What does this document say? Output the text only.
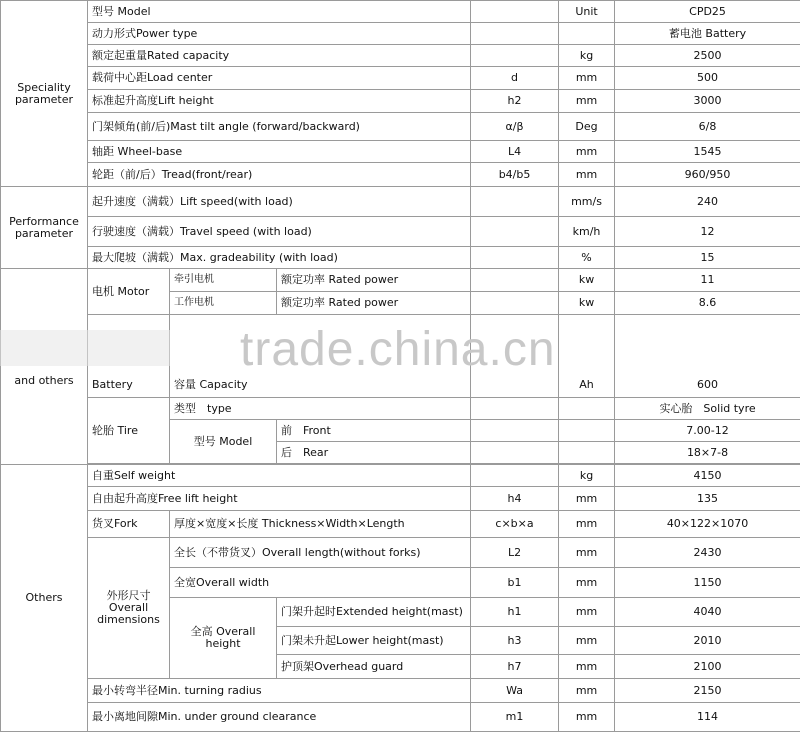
Speciality parameter	型号 Model				Unit	CPD25
	动力形式Power type					蓄电池 Battery
	额定起重量Rated capacity				kg	2500
	载荷中心距Load center			d	mm	500
	标准起升高度Lift height			h2	mm	3000
	门架倾角(前/后)Mast tilt angle (forward/backward)			α/β	Deg	6/8
	轴距 Wheel-base			L4	mm	1545
	轮距（前/后）Tread(front/rear)			b4/b5	mm	960/950
Performance parameter	起升速度（满载）Lift speed(with load)				mm/s	240
	行驶速度（满载）Travel speed (with load)				km/h	12
	最大爬坡（满载）Max. gradeability (with load)				%	15
and others	电机 Motor	牵引电机	额定功率 Rated power		kw	11
		工作电机	额定功率 Rated power		kw	8.6
	Battery	容量 Capacity			Ah	600
	轮胎 Tire	类型　type				实心胎　Solid tyre
		型号 Model	前　Front			7.00-12
			后　Rear			18×7-8

Others	自重Self weight				kg	4150
	自由起升高度Free lift height			h4	mm	135
	货叉Fork	厚度×宽度×长度 Thickness×Width×Length		c×b×a	mm	40×122×1070
	外形尺寸 Overall dimensions	全长（不带货叉）Overall length(without forks)		L2	mm	2430
		全宽Overall width		b1	mm	1150
		全高 Overall height	门架升起时Extended height(mast)	h1	mm	4040
			门架未升起Lower height(mast)	h3	mm	2010
			护顶架Overhead guard	h7	mm	2100
	最小转弯半径Min. turning radius			Wa	mm	2150
	最小离地间隙Min. under ground clearance			m1	mm	114
trade.china.cn
